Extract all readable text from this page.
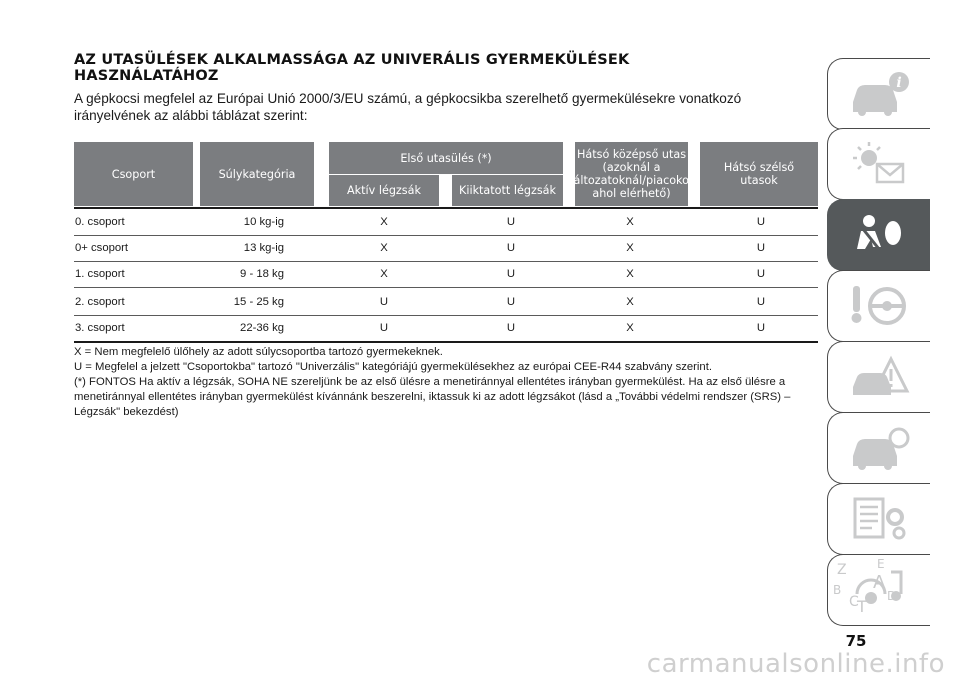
AZ UTASÜLÉSEK ALKALMASSÁGA AZ UNIVERÁLIS GYERMEKÜLÉSEK HASZNÁLATÁHOZ
A gépkocsi megfelel az Európai Unió 2000/3/EU számú, a gépkocsikba szerelhető gyermekülésekre vonatkozó irányelvének az alábbi táblázat szerint:
Csoport	Súlykategória
Első utasülés (*)
Aktív légzsák	Kiiktatott légzsák
Hátsó középső utas (azoknál a változatoknál/piacokon ahol elérhető)
Hátsó szélső utasok
0. csoport	10 kg-ig	X	U	X	U
0+ csoport	13 kg-ig	X	U	X	U
1. csoport	9 - 18 kg	X	U	X	U
2. csoport	15 - 25 kg	U	U	X	U
3. csoport	22-36 kg	U	U	X	U

X = Nem megfelelő ülőhely az adott súlycsoportba tartozó gyermekeknek.

U = Megfelel a jelzett "Csoportokba" tartozó "Univerzális" kategóriájú gyermekülésekhez az európai CEE-R44 szabvány szerint.

(*) FONTOS Ha aktív a légzsák, SOHA NE szereljünk be az első ülésre a menetiránnyal ellentétes irányban gyermekülést. Ha az első ülésre a menetiránnyal ellentétes irányban gyermekülést kívánnánk beszerelni, iktassuk ki az adott légzsákot (lásd a „További védelmi rendszer (SRS) – Légzsák" bekezdést)

i
Z	E
A
B
C D
T
75
carmanualsonline.info
